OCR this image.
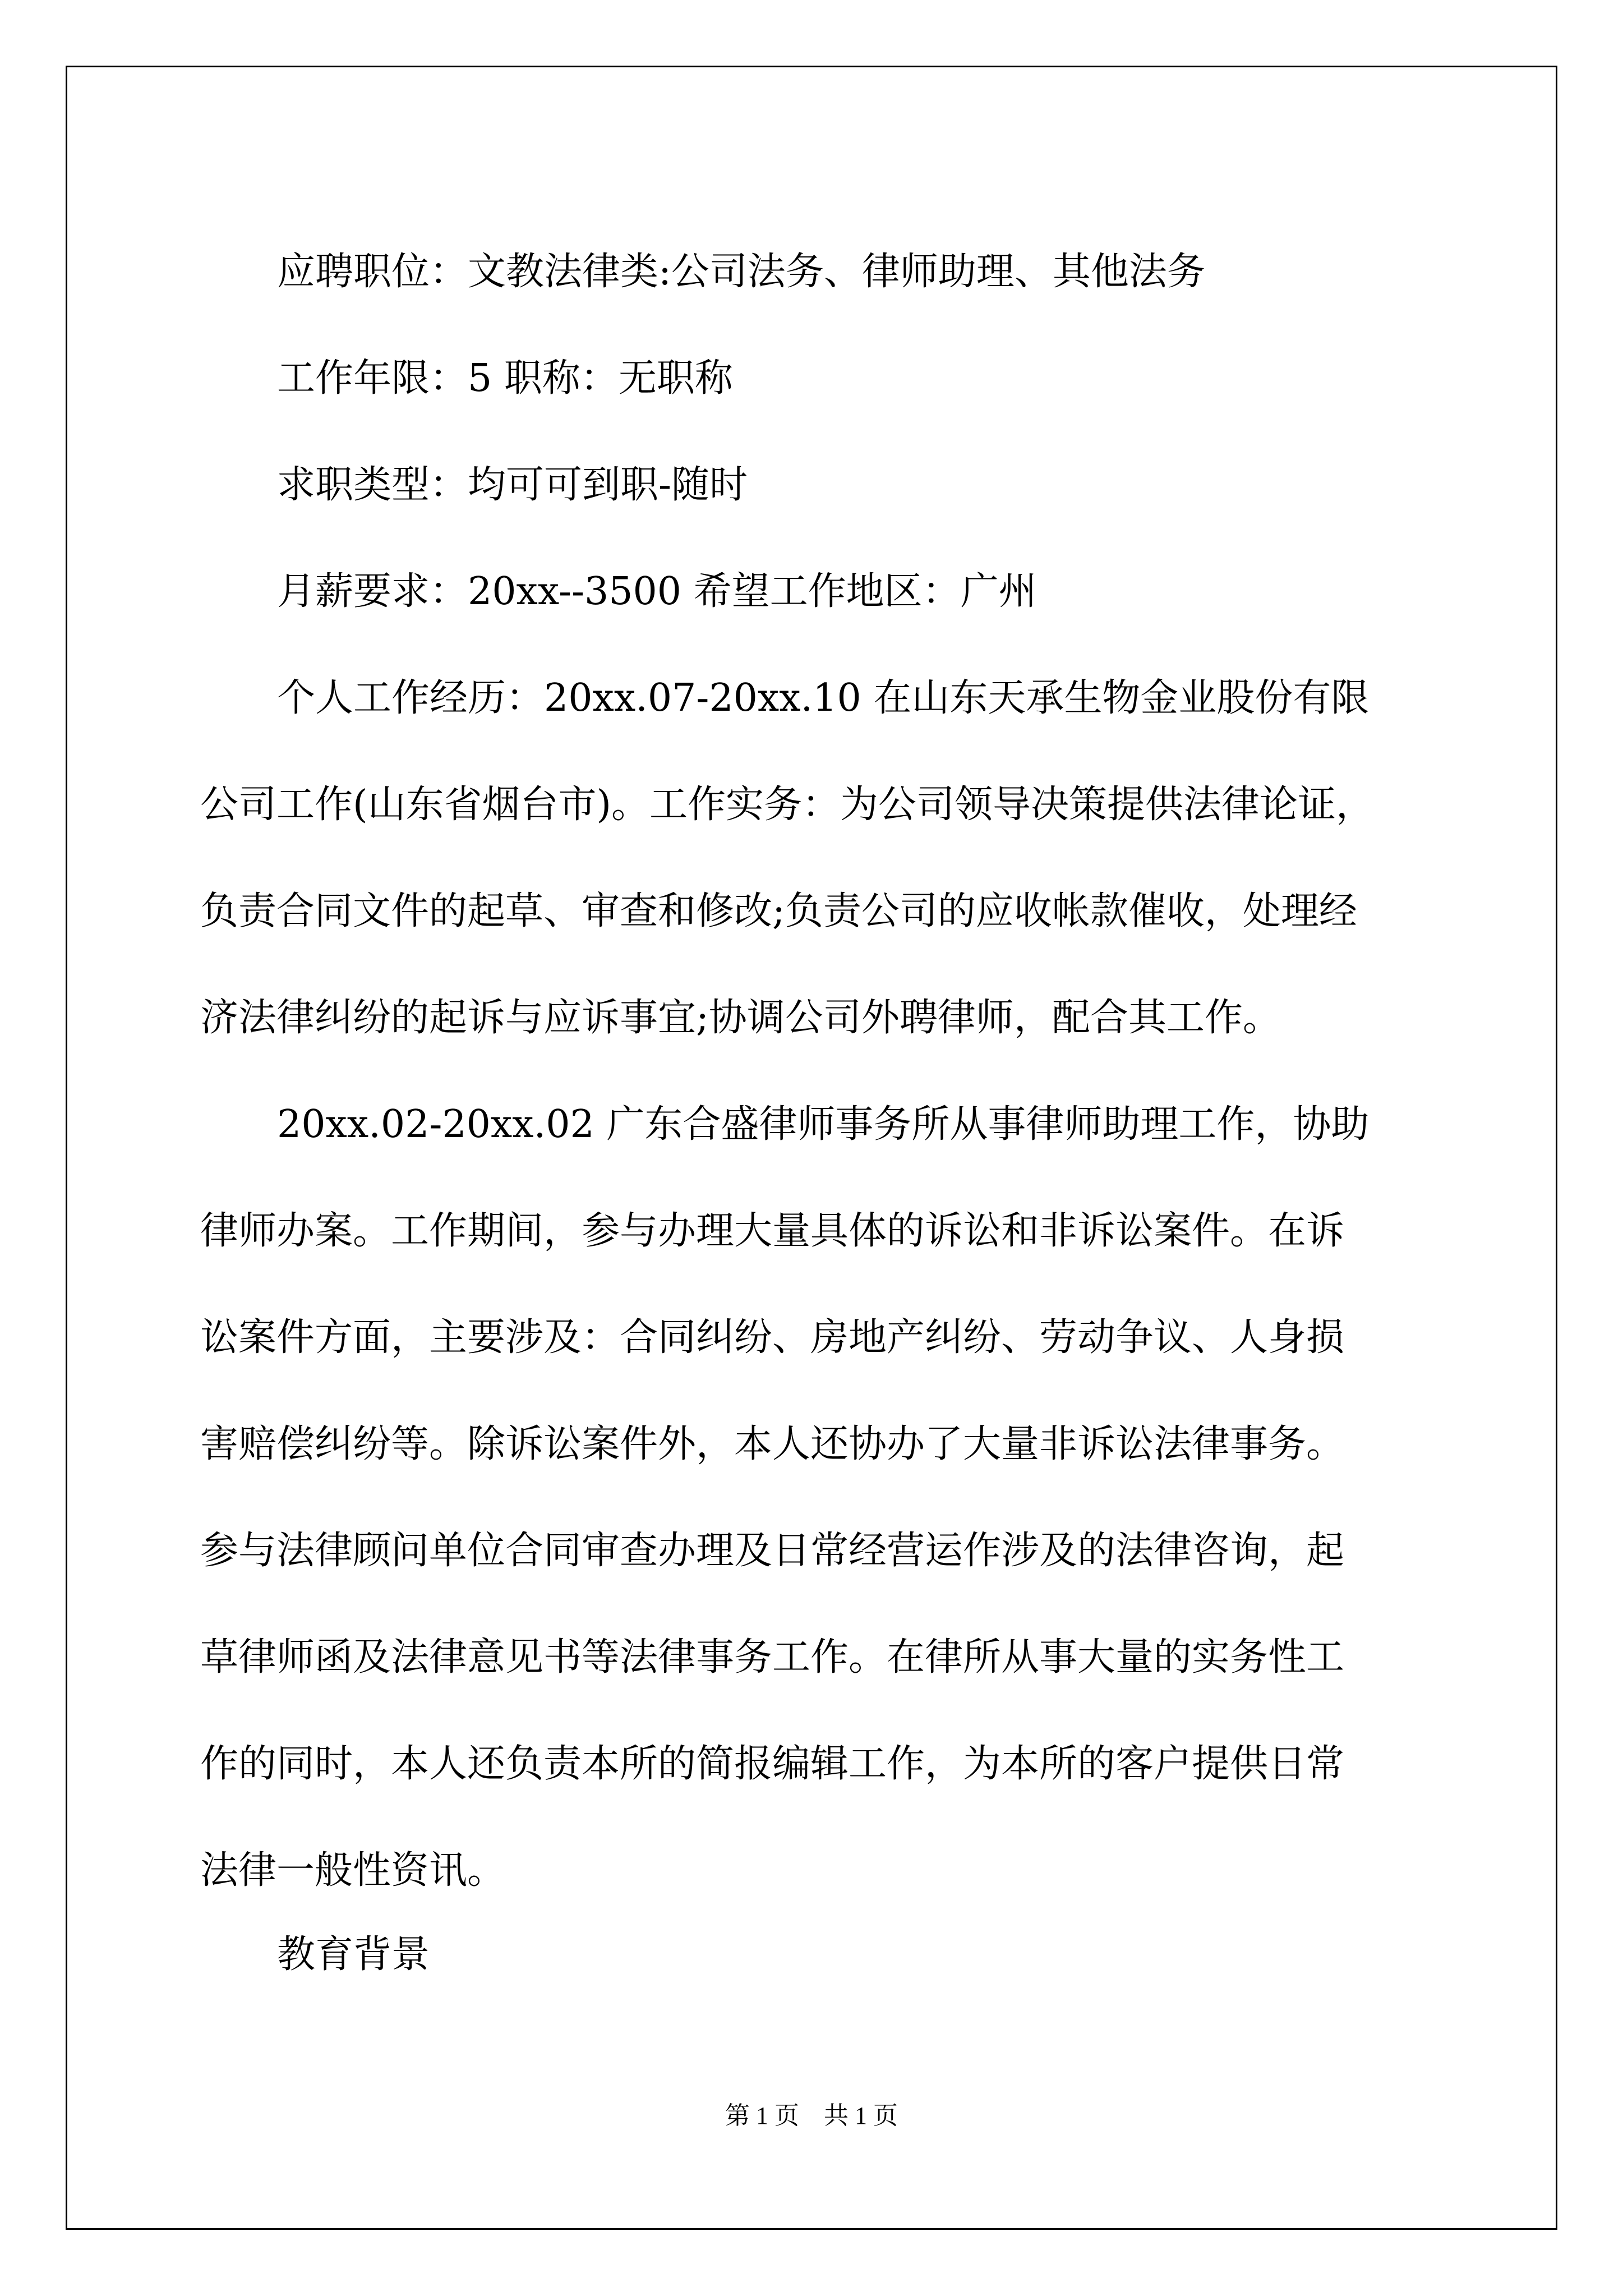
应聘职位：文教法律类:公司法务、律师助理、其他法务
工作年限：5 职称：无职称
求职类型：均可可到职-随时
月薪要求：20xx--3500 希望工作地区：广州
个人工作经历：20xx.07-20xx.10 在山东天承生物金业股份有限
公司工作(山东省烟台市)。工作实务：为公司领导决策提供法律论证，
负责合同文件的起草、审查和修改;负责公司的应收帐款催收，处理经
济法律纠纷的起诉与应诉事宜;协调公司外聘律师，配合其工作。
20xx.02-20xx.02 广东合盛律师事务所从事律师助理工作，协助
律师办案。工作期间，参与办理大量具体的诉讼和非诉讼案件。在诉
讼案件方面，主要涉及：合同纠纷、房地产纠纷、劳动争议、人身损
害赔偿纠纷等。除诉讼案件外，本人还协办了大量非诉讼法律事务。
参与法律顾问单位合同审查办理及日常经营运作涉及的法律咨询，起
草律师函及法律意见书等法律事务工作。在律所从事大量的实务性工
作的同时，本人还负责本所的简报编辑工作，为本所的客户提供日常
法律一般性资讯。
教育背景
第 1 页　共 1 页
